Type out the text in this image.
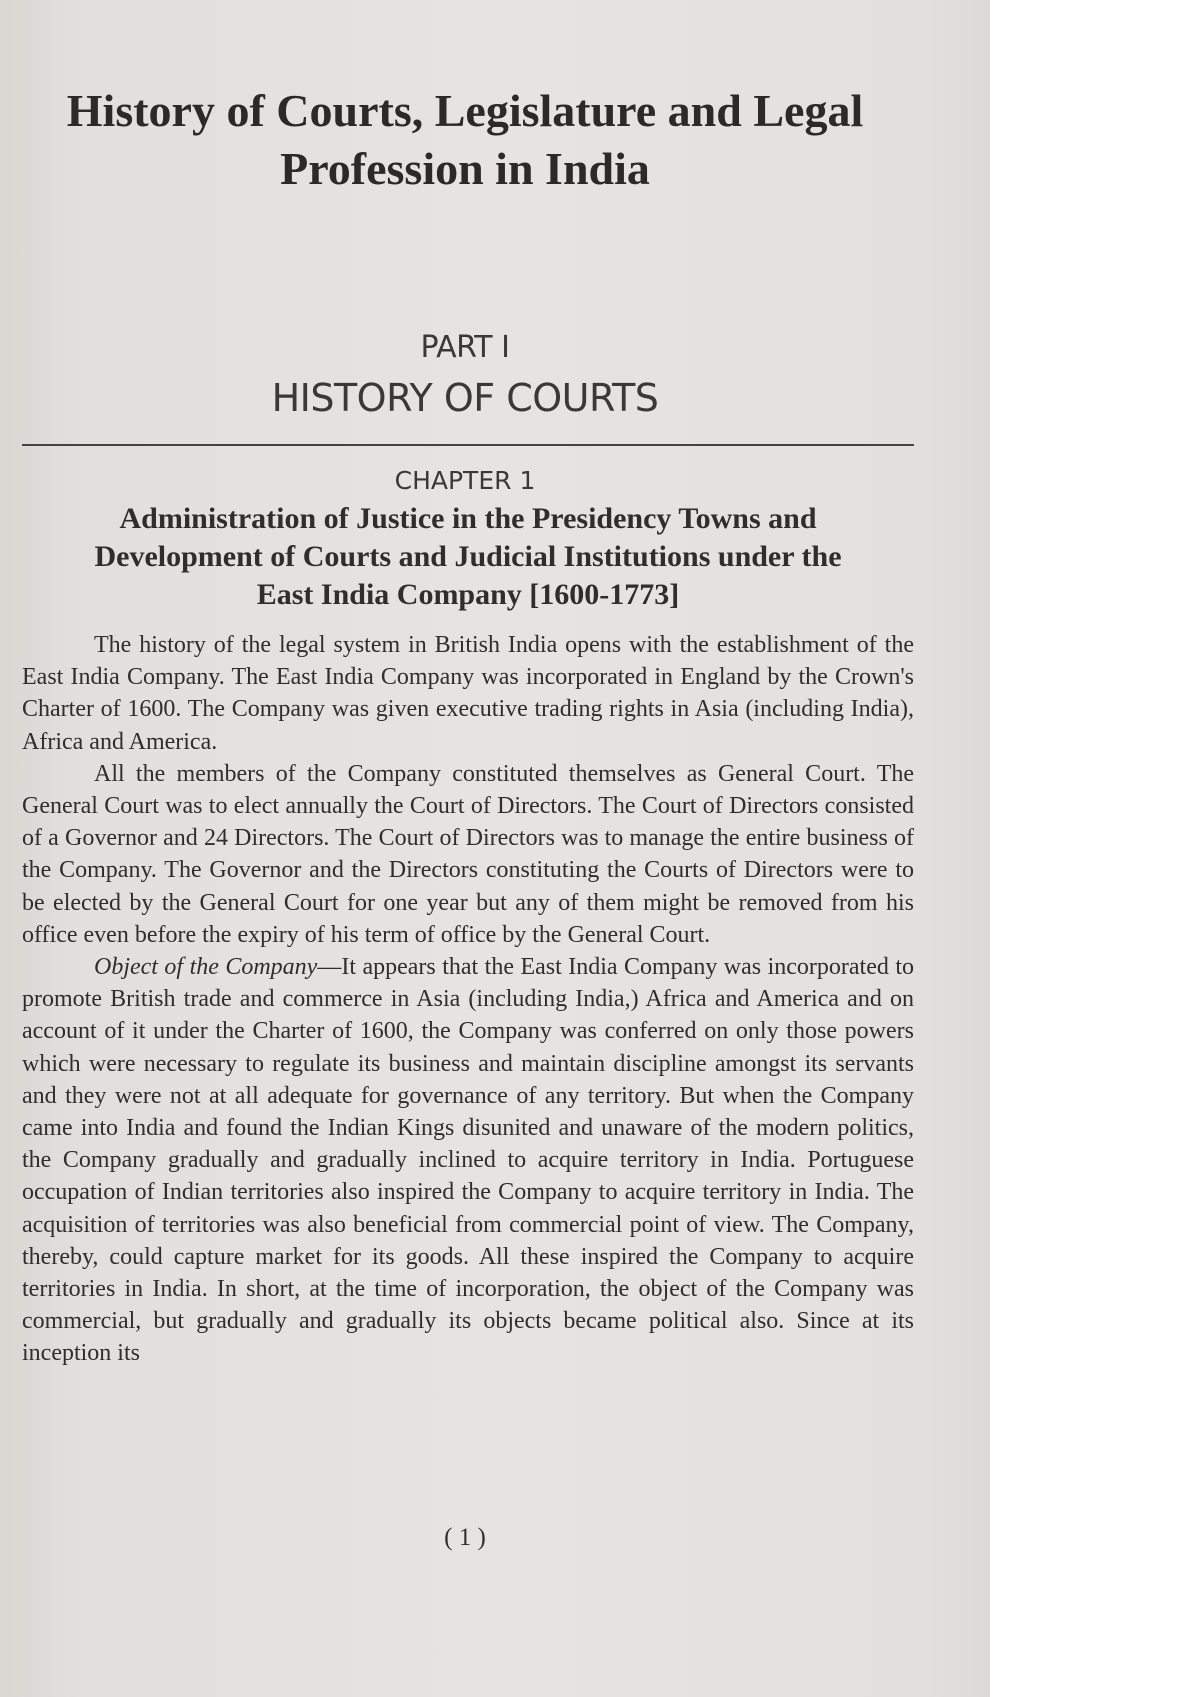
History of Courts, Legislature and Legal
Profession in India
PART I
HISTORY OF COURTS
CHAPTER 1
Administration of Justice in the Presidency Towns and
Development of Courts and Judicial Institutions under the
East India Company [1600-1773]

The history of the legal system in British India opens with the establishment of the East India Company. The East India Company was incorporated in England by the Crown's Charter of 1600. The Company was given executive trading rights in Asia (including India), Africa and America.

All the members of the Company constituted themselves as General Court. The General Court was to elect annually the Court of Directors. The Court of Directors consisted of a Governor and 24 Directors. The Court of Directors was to manage the entire business of the Company. The Governor and the Directors constituting the Courts of Directors were to be elected by the General Court for one year but any of them might be removed from his office even before the expiry of his term of office by the General Court.

Object of the Company—It appears that the East India Company was incorporated to promote British trade and commerce in Asia (including India,) Africa and America and on account of it under the Charter of 1600, the Company was conferred on only those powers which were necessary to regulate its business and maintain discipline amongst its servants and they were not at all adequate for governance of any territory. But when the Company came into India and found the Indian Kings disunited and unaware of the modern politics, the Company gradually and gradually inclined to acquire territory in India. Portuguese occupation of Indian territories also inspired the Company to acquire territory in India. The acquisition of territories was also beneficial from commercial point of view. The Company, thereby, could capture market for its goods. All these inspired the Company to acquire territories in India. In short, at the time of incorporation, the object of the Company was commercial, but gradually and gradually its objects became political also. Since at its inception its

( 1 )
